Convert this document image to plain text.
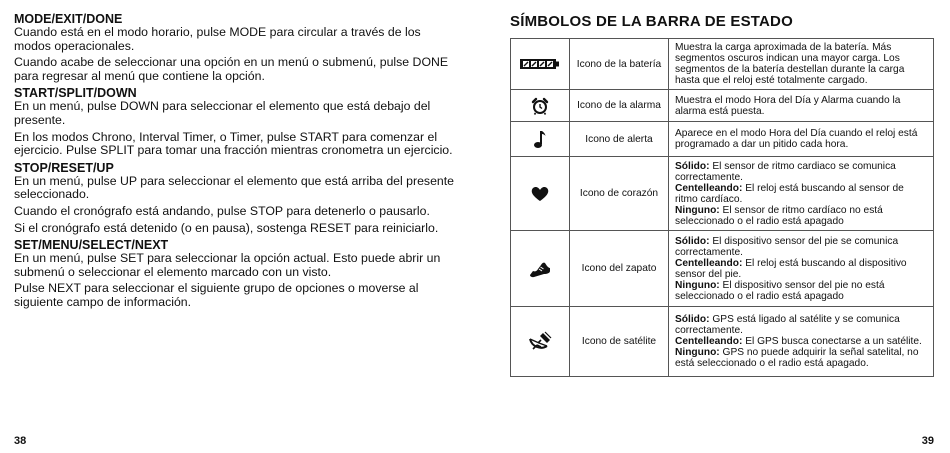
MODE/EXIT/DONE

Cuando está en el modo horario, pulse MODE para circular a través de los modos operacionales.

Cuando acabe de seleccionar una opción en un menú o submenú, pulse DONE para regresar al menú que contiene la opción.

START/SPLIT/DOWN

En un menú, pulse DOWN para seleccionar el elemento que está debajo del presente.

En los modos Chrono, Interval Timer, o Timer, pulse START para comenzar el ejercicio. Pulse SPLIT para tomar una fracción mientras cronometra un ejercicio.

STOP/RESET/UP

En un menú, pulse UP para seleccionar el elemento que está arriba del presente seleccionado.

Cuando el cronógrafo está andando, pulse STOP para detenerlo o pausarlo.

Si el cronógrafo está detenido (o en pausa), sostenga RESET para reiniciarlo.

SET/MENU/SELECT/NEXT

En un menú, pulse SET para seleccionar la opción actual. Esto puede abrir un submenú o seleccionar el elemento marcado con un visto.

Pulse NEXT para seleccionar el siguiente grupo de opciones o moverse al siguiente campo de información.

38
SÍMBOLOS DE LA BARRA DE ESTADO
	Icono de la batería	Muestra la carga aproximada de la batería. Más segmentos oscuros indican una mayor carga. Los segmentos de la batería destellan durante la carga hasta que el reloj esté totalmente cargado.

	Icono de la alarma	Muestra el modo Hora del Día y Alarma cuando la alarma está puesta.

	Icono de alerta	Aparece en el modo Hora del Día cuando el reloj está programado a dar un pitido cada hora.

	Icono de corazón	Sólido: El sensor de ritmo cardiaco se comunica correctamente.
Centelleando: El reloj está buscando al sensor de ritmo cardíaco.
Ninguno: El sensor de ritmo cardíaco no está seleccionado o el radio está apagado

	Icono del zapato	Sólido: El dispositivo sensor del pie se comunica correctamente.
Centelleando: El reloj está buscando al dispositivo sensor del pie.
Ninguno: El dispositivo sensor del pie no está seleccionado o el radio está apagado

	Icono de satélite	Sólido: GPS está ligado al satélite y se comunica correctamente.
Centelleando: El GPS busca conectarse a un satélite.
Ninguno: GPS no puede adquirir la señal satelital, no está seleccionado o el radio está apagado.
39
